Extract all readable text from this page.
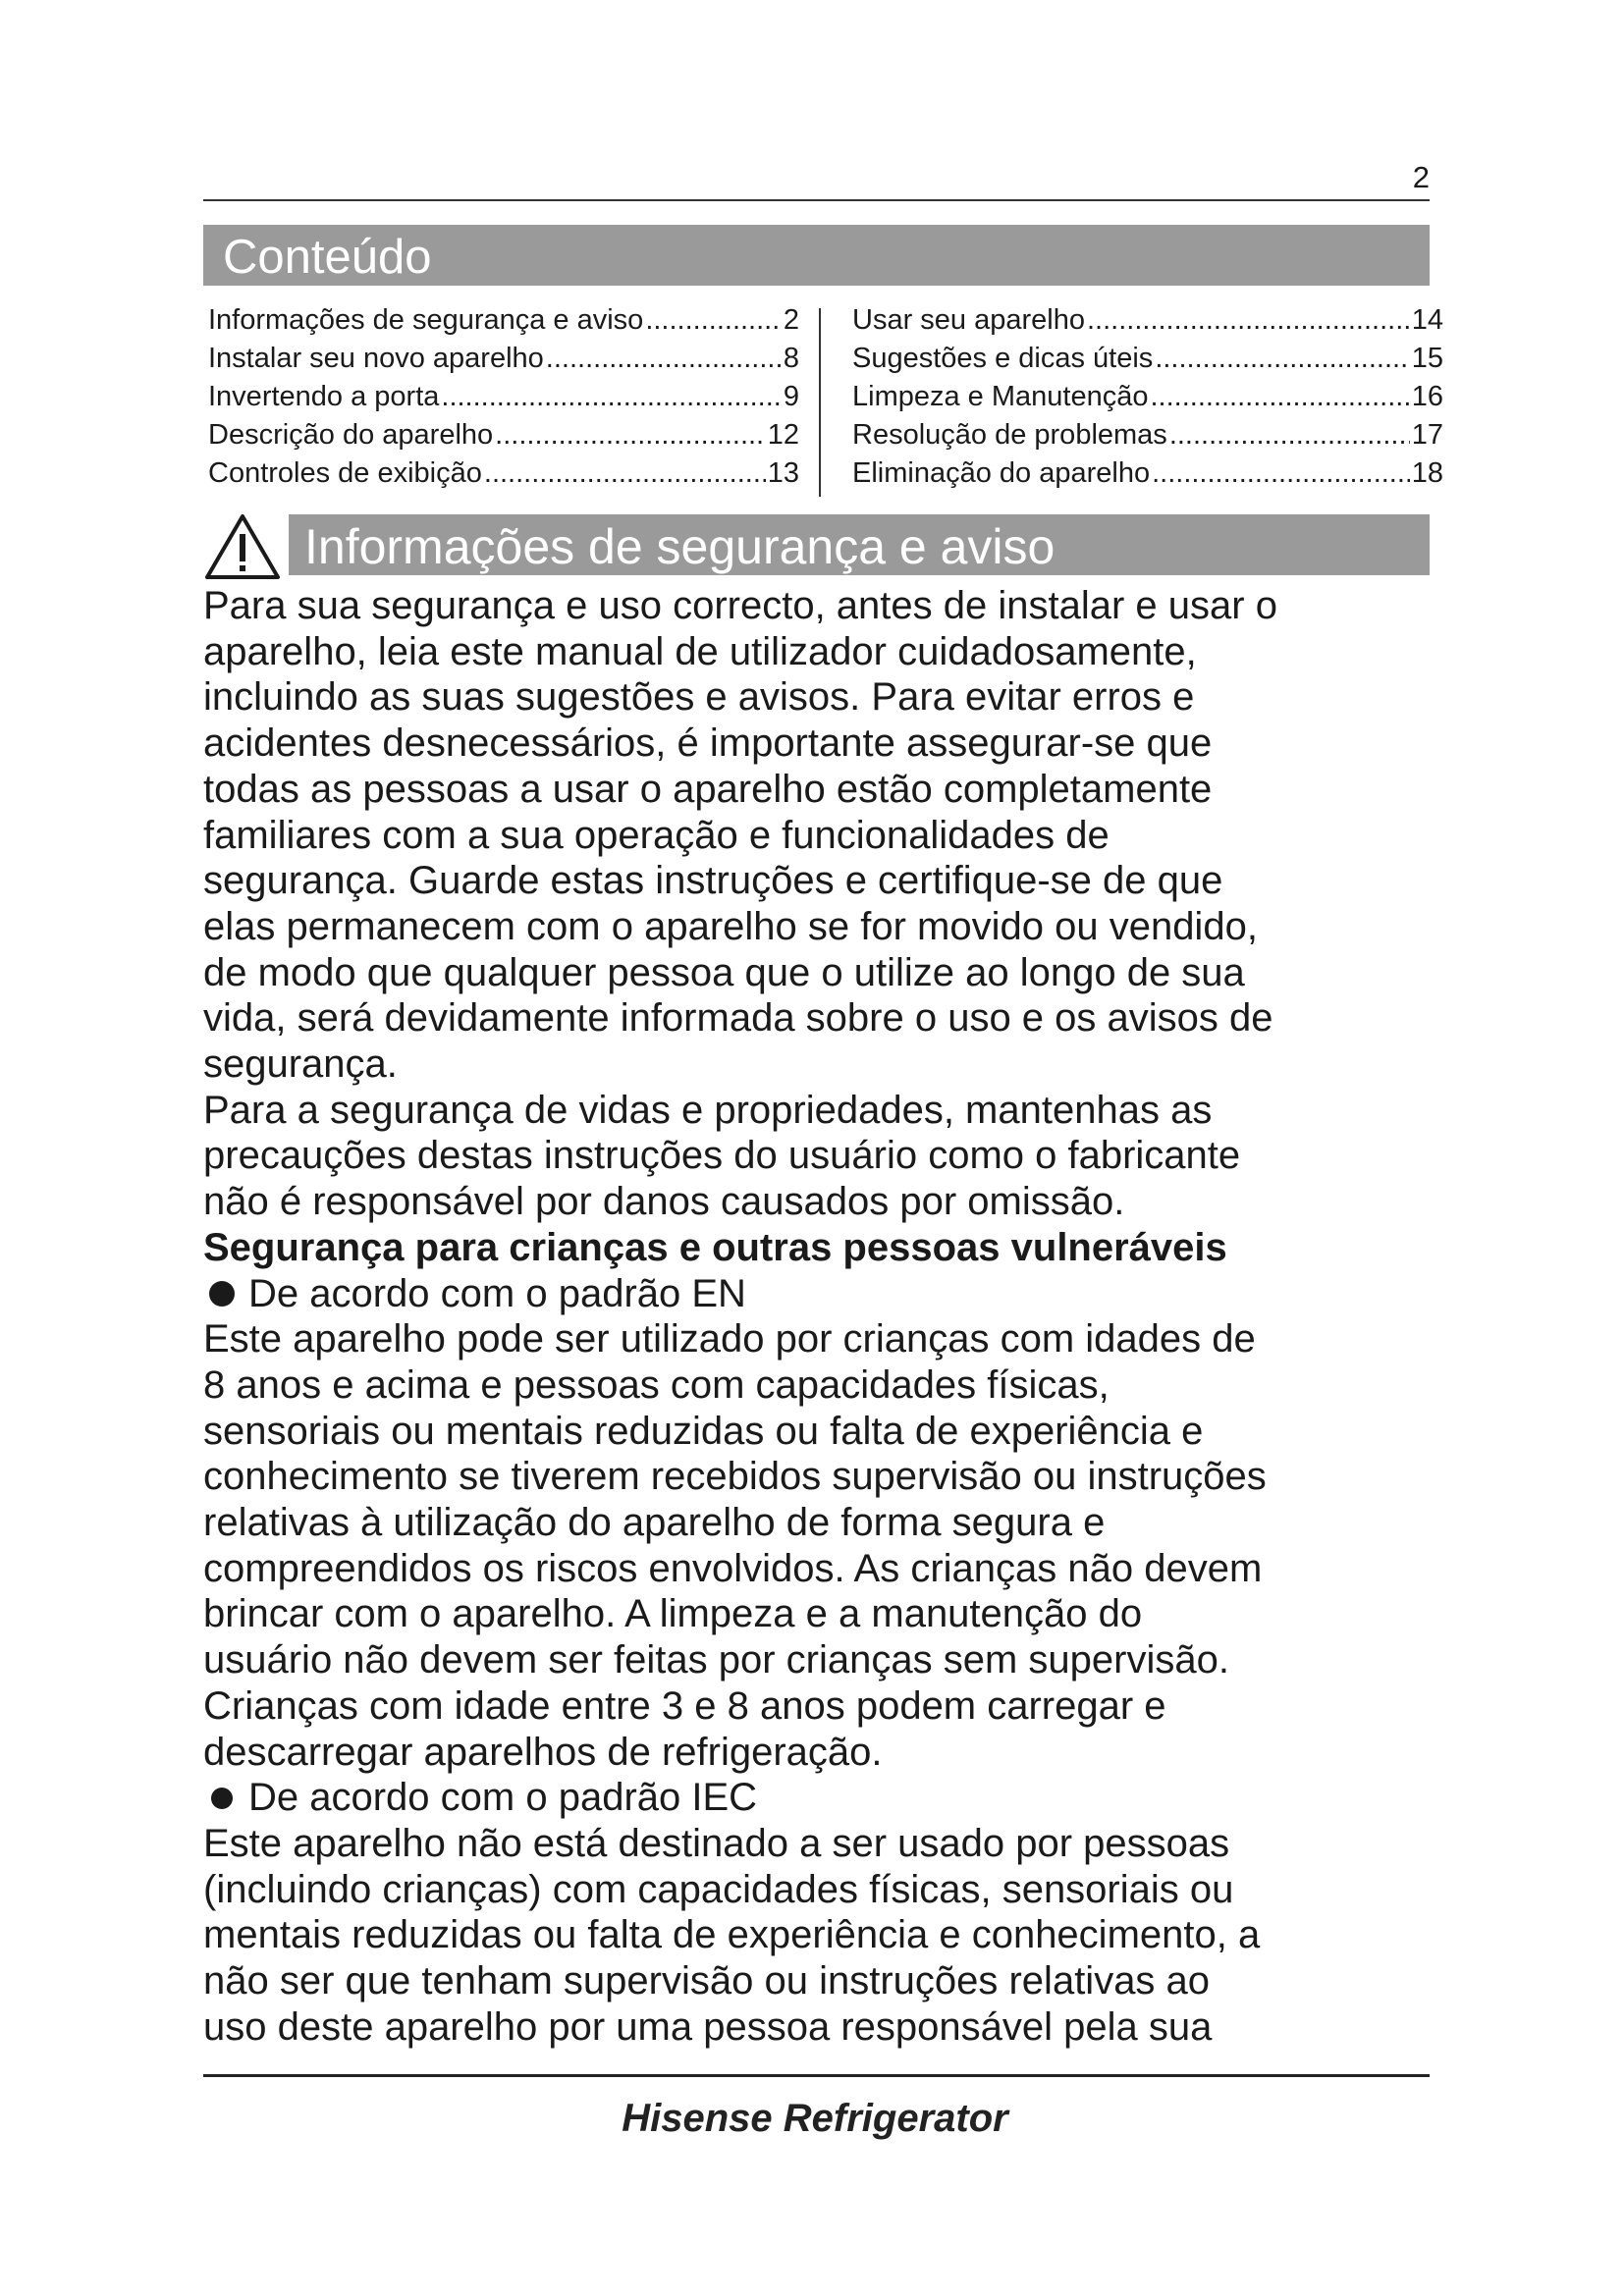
2
Conteúdo
Informações de segurança e aviso .....	2
Instalar seu novo aparelho .....	8
Invertendo a porta .....	9
Descrição do aparelho .....	12
Controles de exibição .....	13
Usar seu aparelho .....	14
Sugestões e dicas úteis .....	15
Limpeza e Manutenção .....	16
Resolução de problemas .....	17
Eliminação do aparelho .....	18
Informações de segurança e aviso

Para sua segurança e uso correcto, antes de instalar e usar o

aparelho, leia este manual de utilizador cuidadosamente,

incluindo as suas sugestões e avisos. Para evitar erros e

acidentes desnecessários, é importante assegurar-se que

todas as pessoas a usar o aparelho estão completamente

familiares com a sua operação e funcionalidades de

segurança. Guarde estas instruções e certifique-se de que

elas permanecem com o aparelho se for movido ou vendido,

de modo que qualquer pessoa que o utilize ao longo de sua

vida, será devidamente informada sobre o uso e os avisos de

segurança.

Para a segurança de vidas e propriedades, mantenhas as

precauções destas instruções do usuário como o fabricante

não é responsável por danos causados por omissão.

Segurança para crianças e outras pessoas vulneráveis

De acordo com o padrão EN

Este aparelho pode ser utilizado por crianças com idades de

8 anos e acima e pessoas com capacidades físicas,

sensoriais ou mentais reduzidas ou falta de experiência e

conhecimento se tiverem recebidos supervisão ou instruções

relativas à utilização do aparelho de forma segura e

compreendidos os riscos envolvidos. As crianças não devem

brincar com o aparelho. A limpeza e a manutenção do

usuário não devem ser feitas por crianças sem supervisão.

Crianças com idade entre 3 e 8 anos podem carregar e

descarregar aparelhos de refrigeração.

De acordo com o padrão IEC

Este aparelho não está destinado a ser usado por pessoas

(incluindo crianças) com capacidades físicas, sensoriais ou

mentais reduzidas ou falta de experiência e conhecimento, a

não ser que tenham supervisão ou instruções relativas ao

uso deste aparelho por uma pessoa responsável pela sua

Hisense Refrigerator
